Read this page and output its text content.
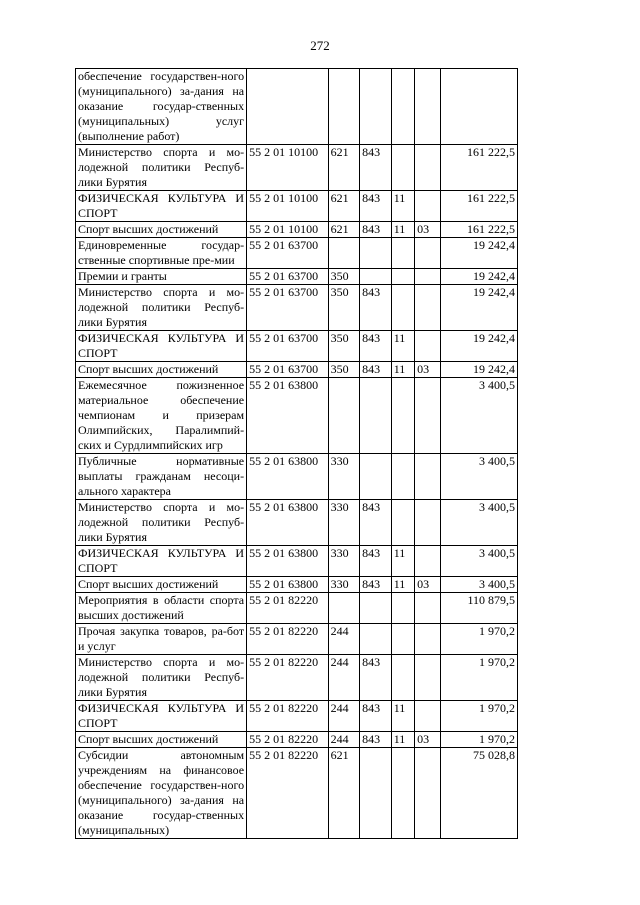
272
обеспечение государствен-ного (муниципального) за-дания на оказание государ-ственных (муниципальных) услуг (выполнение работ)						
Министерство спорта и мо-лодежной политики Респуб-лики Бурятия	55 2 01 10100	621	843			161 222,5
ФИЗИЧЕСКАЯ КУЛЬТУРА И СПОРТ	55 2 01 10100	621	843	11		161 222,5
Спорт высших достижений	55 2 01 10100	621	843	11	03	161 222,5
Единовременные государ-ственные спортивные пре-мии	55 2 01 63700					19 242,4
Премии и гранты	55 2 01 63700	350				19 242,4
Министерство спорта и мо-лодежной политики Респуб-лики Бурятия	55 2 01 63700	350	843			19 242,4
ФИЗИЧЕСКАЯ КУЛЬТУРА И СПОРТ	55 2 01 63700	350	843	11		19 242,4
Спорт высших достижений	55 2 01 63700	350	843	11	03	19 242,4
Ежемесячное пожизненное материальное обеспечение чемпионам и призерам Олимпийских, Паралимпий-ских и Сурдлимпийских игр	55 2 01 63800					3 400,5
Публичные нормативные выплаты гражданам несоци-ального характера	55 2 01 63800	330				3 400,5
Министерство спорта и мо-лодежной политики Респуб-лики Бурятия	55 2 01 63800	330	843			3 400,5
ФИЗИЧЕСКАЯ КУЛЬТУРА И СПОРТ	55 2 01 63800	330	843	11		3 400,5
Спорт высших достижений	55 2 01 63800	330	843	11	03	3 400,5
Мероприятия в области спорта высших достижений	55 2 01 82220					110 879,5
Прочая закупка товаров, ра-бот и услуг	55 2 01 82220	244				1 970,2
Министерство спорта и мо-лодежной политики Респуб-лики Бурятия	55 2 01 82220	244	843			1 970,2
ФИЗИЧЕСКАЯ КУЛЬТУРА И СПОРТ	55 2 01 82220	244	843	11		1 970,2
Спорт высших достижений	55 2 01 82220	244	843	11	03	1 970,2
Субсидии автономным учреждениям на финансовое обеспечение государствен-ного (муниципального) за-дания на оказание государ-ственных (муниципальных)	55 2 01 82220	621				75 028,8
